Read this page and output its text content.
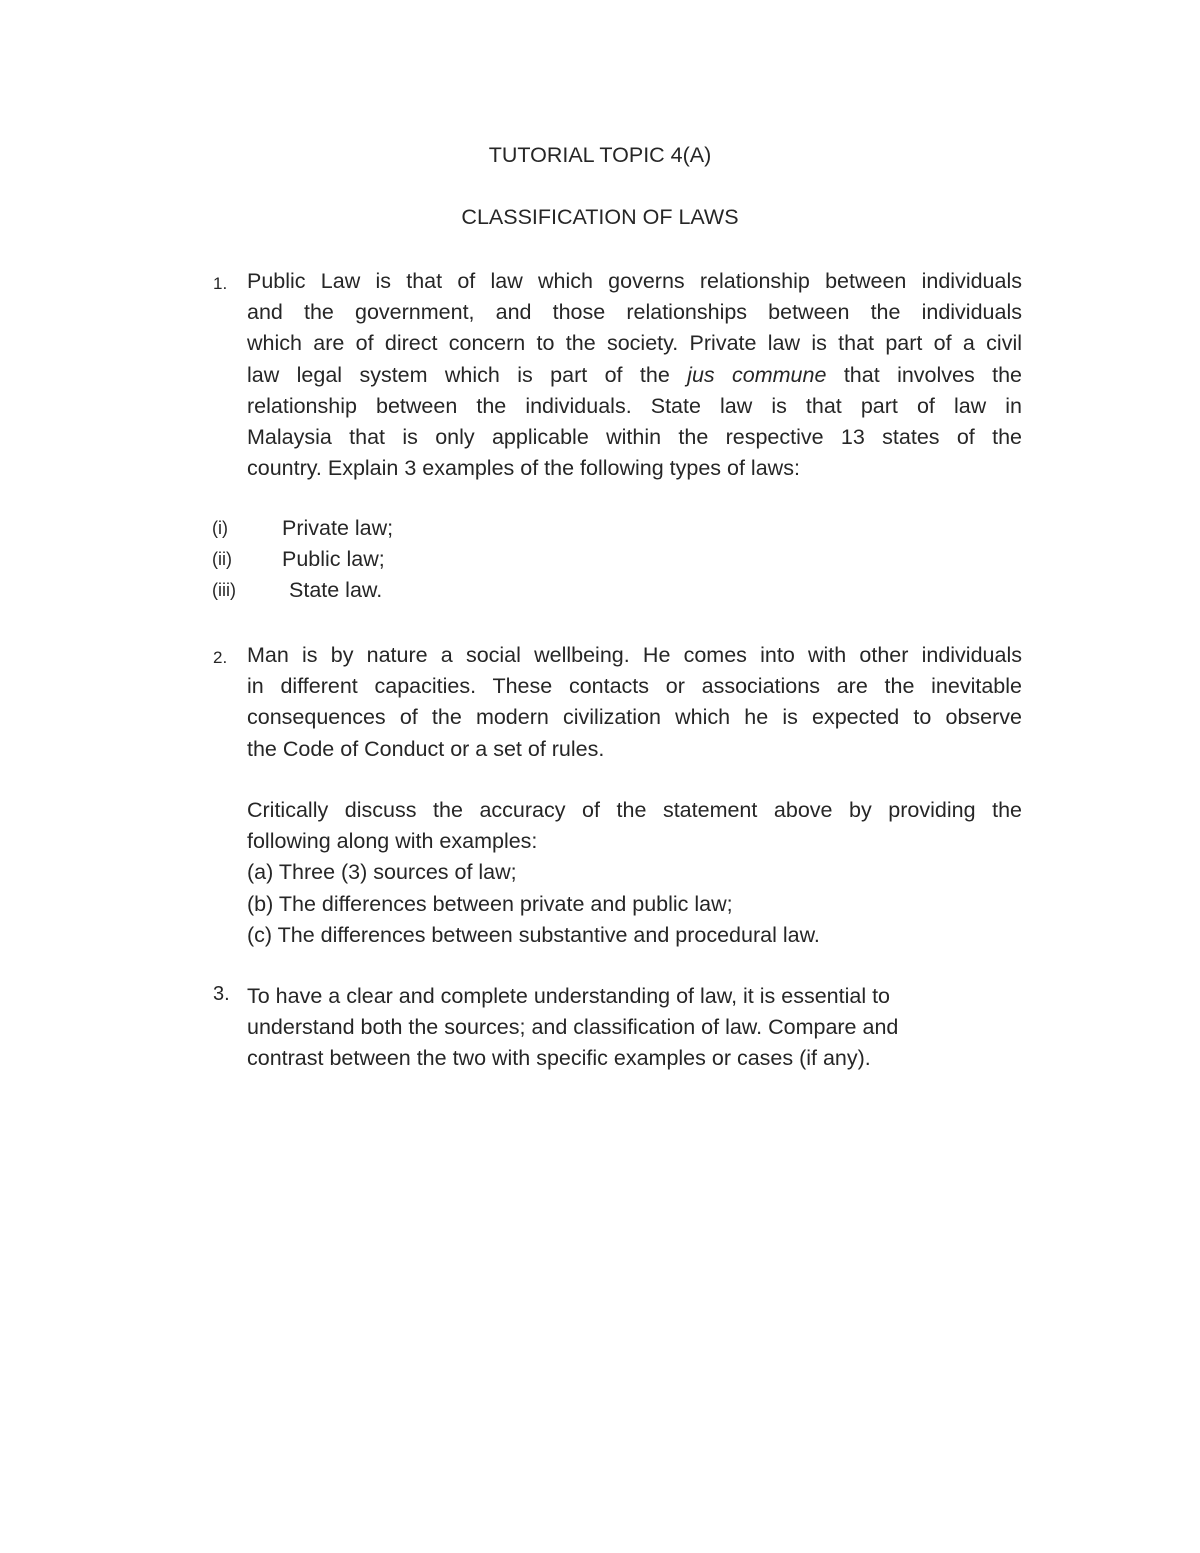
TUTORIAL TOPIC 4(A)

CLASSIFICATION OF LAWS

1. Public Law is that of law which governs relationship between individuals
and the government, and those relationships between the individuals
which are of direct concern to the society. Private law is that part of a civil
law legal system which is part of the jus commune that involves the
relationship between the individuals. State law is that part of law in
Malaysia that is only applicable within the respective 13 states of the
country. Explain 3 examples of the following types of laws:

(i)	Private law;

(ii) Public law;

(iii) State law.

2. Man is by nature a social wellbeing. He comes into with other individuals
in different capacities. These contacts or associations are the inevitable
consequences of the modern civilization which he is expected to observe
the Code of Conduct or a set of rules.
Critically discuss the accuracy of the statement above by providing the
following along with examples:
(a) Three (3) sources of law;
(b) The differences between private and public law;
(c) The differences between substantive and procedural law.

3. To have a clear and complete understanding of law, it is essential to
understand both the sources; and classification of law. Compare and
contrast between the two with specific examples or cases (if any).
